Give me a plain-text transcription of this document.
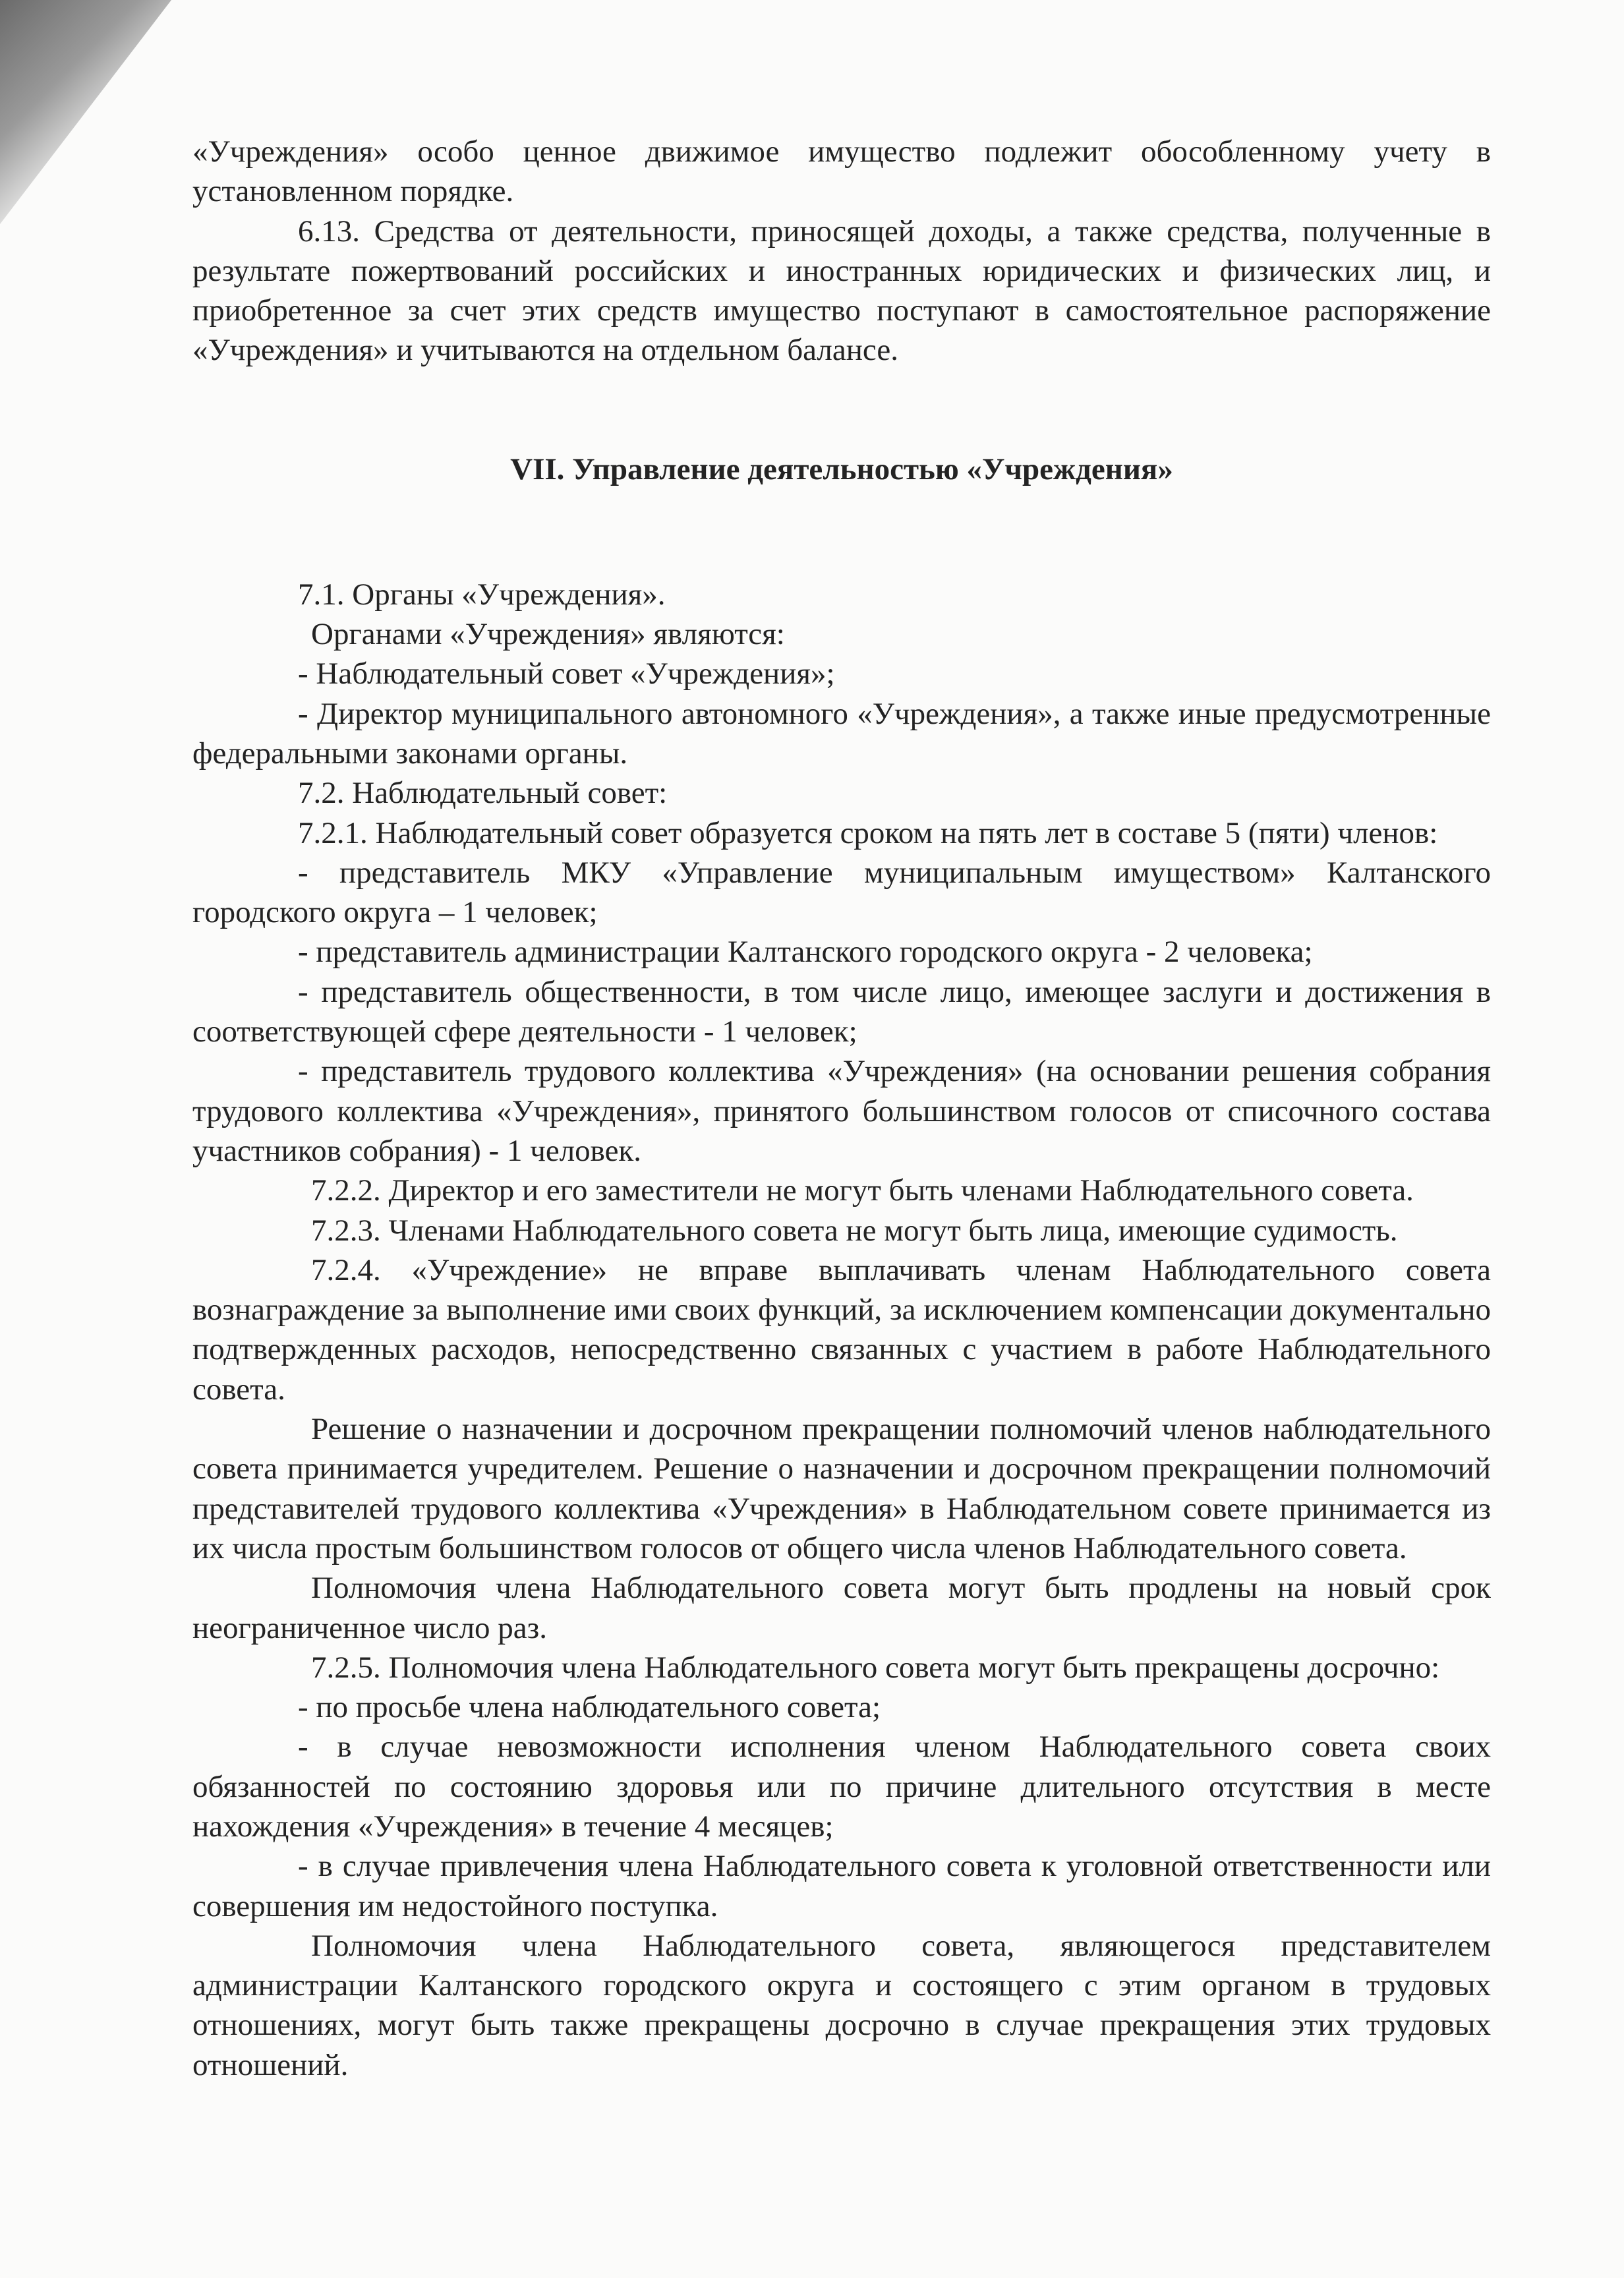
«Учреждения» особо ценное движимое имущество подлежит обособленному учету в установленном порядке.

6.13. Средства от деятельности, приносящей доходы, а также средства, полученные в результате пожертвований российских и иностранных юридических и физических лиц, и приобретенное за счет этих средств имущество поступают в самостоятельное распоряжение «Учреждения» и учитываются на отдельном балансе.

VII. Управление деятельностью «Учреждения»

7.1. Органы «Учреждения».

Органами «Учреждения» являются:

- Наблюдательный совет «Учреждения»;

- Директор муниципального автономного «Учреждения», а также иные предусмотренные федеральными законами органы.

7.2. Наблюдательный совет:

7.2.1. Наблюдательный совет образуется сроком на пять лет в составе 5 (пяти) членов:

- представитель МКУ «Управление муниципальным имуществом» Калтанского городского округа – 1 человек;

- представитель администрации Калтанского городского округа - 2 человека;

- представитель общественности, в том числе лицо, имеющее заслуги и достижения в соответствующей сфере деятельности - 1 человек;

- представитель трудового коллектива «Учреждения» (на основании решения собрания трудового коллектива «Учреждения», принятого большинством голосов от списочного состава участников собрания) - 1 человек.

7.2.2. Директор и его заместители не могут быть членами Наблюдательного совета.

7.2.3. Членами Наблюдательного совета не могут быть лица, имеющие судимость.

7.2.4. «Учреждение» не вправе выплачивать членам Наблюдательного совета вознаграждение за выполнение ими своих функций, за исключением компенсации документально подтвержденных расходов, непосредственно связанных с участием в работе Наблюдательного совета.

Решение о назначении и досрочном прекращении полномочий членов наблюдательного совета принимается учредителем. Решение о назначении и досрочном прекращении полномочий представителей трудового коллектива «Учреждения» в Наблюдательном совете принимается из их числа простым большинством голосов от общего числа членов Наблюдательного совета.

Полномочия члена Наблюдательного совета могут быть продлены на новый срок неограниченное число раз.

7.2.5. Полномочия члена Наблюдательного совета могут быть прекращены досрочно:

- по просьбе члена наблюдательного совета;

- в случае невозможности исполнения членом Наблюдательного совета своих обязанностей по состоянию здоровья или по причине длительного отсутствия в месте нахождения «Учреждения» в течение 4 месяцев;

- в случае привлечения члена Наблюдательного совета к уголовной ответственности или совершения им недостойного поступка.

Полномочия члена Наблюдательного совета, являющегося представителем администрации Калтанского городского округа и состоящего с этим органом в трудовых отношениях, могут быть также прекращены досрочно в случае прекращения этих трудовых отношений.
